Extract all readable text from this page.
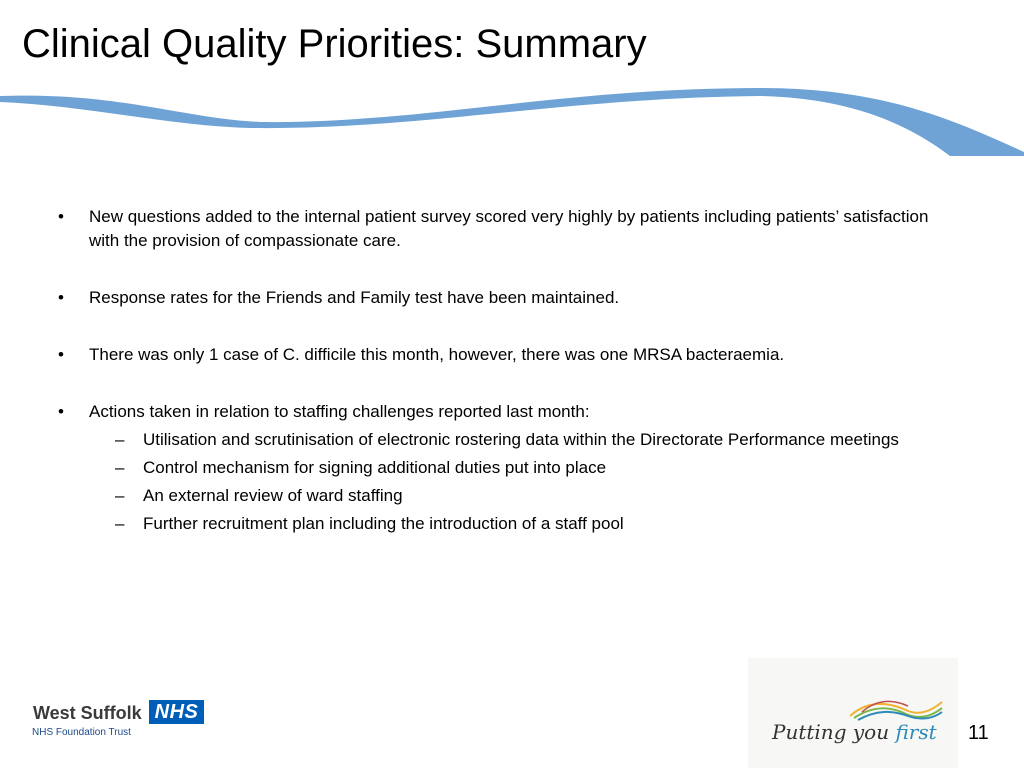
Clinical Quality Priorities: Summary
• New questions added to the internal patient survey scored very highly by patients including patients’ satisfaction with the provision of compassionate care.
• Response rates for the Friends and Family test have been maintained.
• There was only 1 case of C. difficile this month, however, there was one MRSA bacteraemia.
• Actions taken in relation to staffing challenges reported last month:
– Utilisation and scrutinisation of electronic rostering data within the Directorate Performance meetings
– Control mechanism for signing additional duties put into place
– An external review of ward staffing
– Further recruitment plan including the introduction of a staff pool
West Suffolk NHS
NHS Foundation Trust	Putting you first 11
